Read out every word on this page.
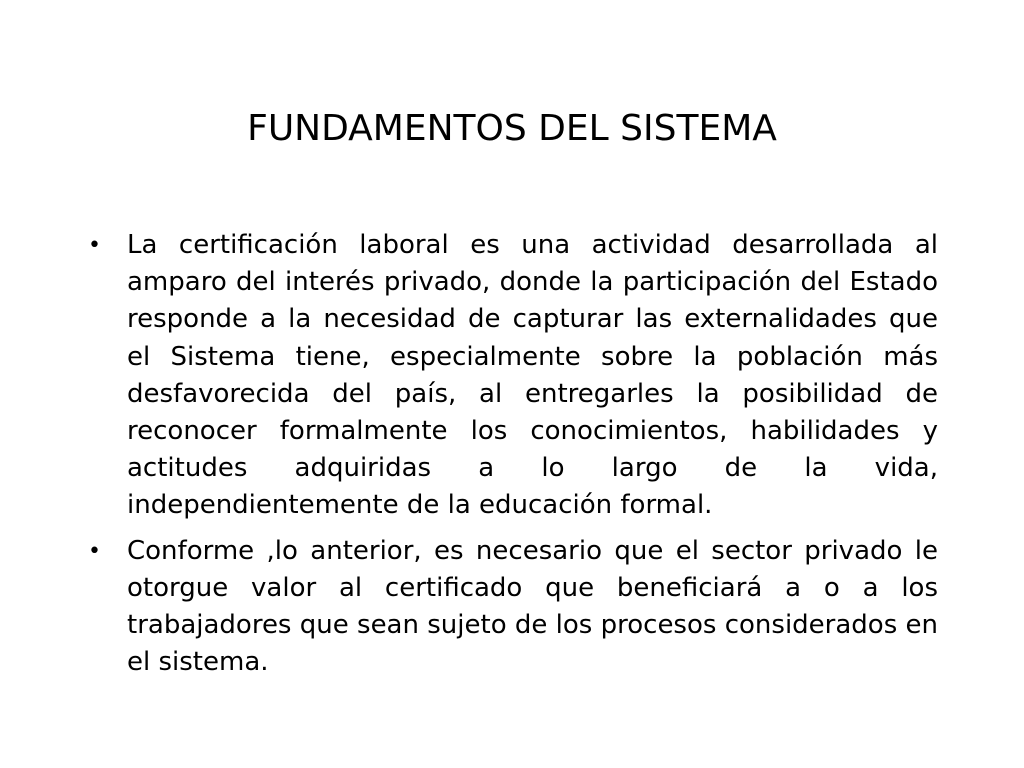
FUNDAMENTOS DEL SISTEMA
• La certificación laboral es una actividad desarrollada al amparo del interés privado, donde la participación del Estado responde a la necesidad de capturar las externalidades que el Sistema tiene, especialmente sobre la población más desfavorecida del país, al entregarles la posibilidad de reconocer formalmente los conocimientos, habilidades y actitudes adquiridas a lo largo de la vida, independientemente de la educación formal.
• Conforme ,lo anterior, es necesario que el sector privado le otorgue valor al certificado que beneficiará a o a los trabajadores que sean sujeto de los procesos considerados en el sistema.
